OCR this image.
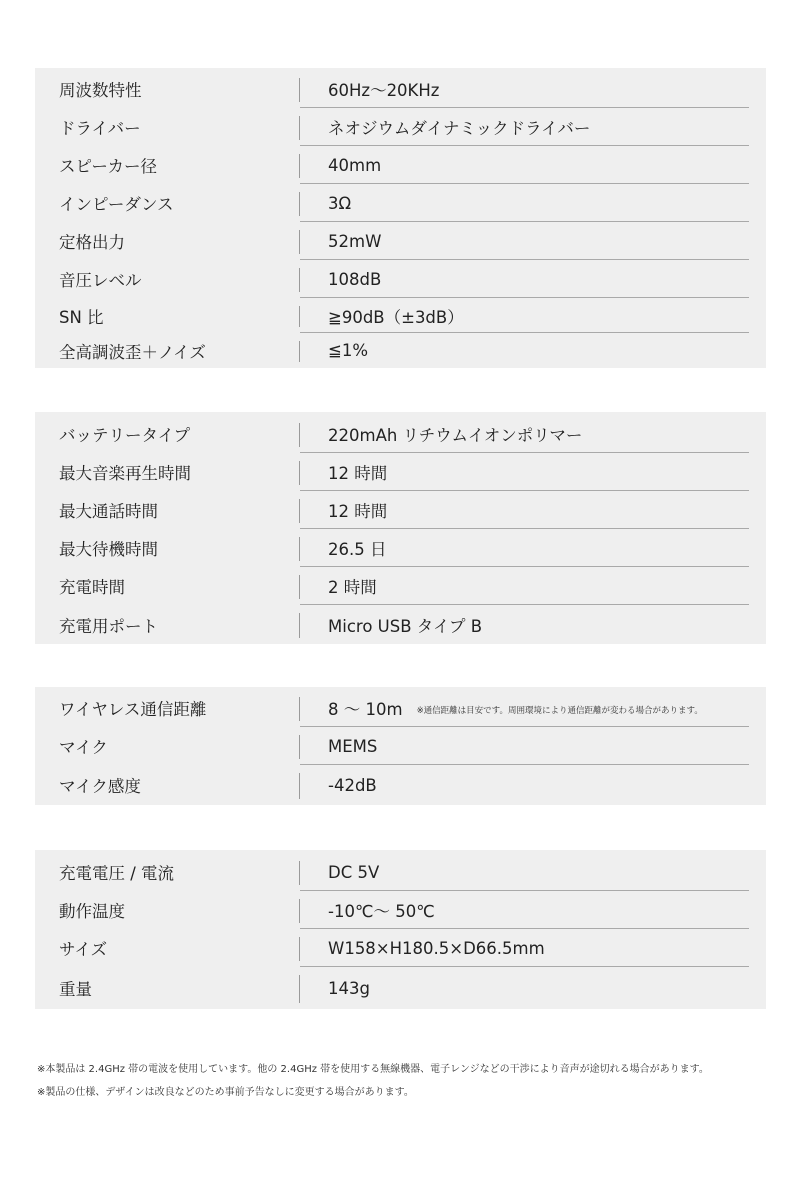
周波数特性	60Hz～20KHz
ドライバー	ネオジウムダイナミックドライバー
スピーカー径	40mm
インピーダンス	3Ω
定格出力	52mW
音圧レベル	108dB
SN 比	≧90dB（±3dB）
全高調波歪＋ノイズ	≦1%
バッテリータイプ	220mAh リチウムイオンポリマー
最大音楽再生時間	12 時間
最大通話時間	12 時間
最大待機時間	26.5 日
充電時間	2 時間
充電用ポート	Micro USB タイプ B
ワイヤレス通信距離	8 ～ 10m ※通信距離は目安です。周囲環境により通信距離が変わる場合があります。
マイク	MEMS
マイク感度	-42dB
充電電圧 / 電流	DC 5V
動作温度	-10℃～ 50℃
サイズ	W158×H180.5×D66.5mm
重量	143g
※本製品は 2.4GHz 帯の電波を使用しています。他の 2.4GHz 帯を使用する無線機器、電子レンジなどの干渉により音声が途切れる場合があります。
※製品の仕様、デザインは改良などのため事前予告なしに変更する場合があります。
